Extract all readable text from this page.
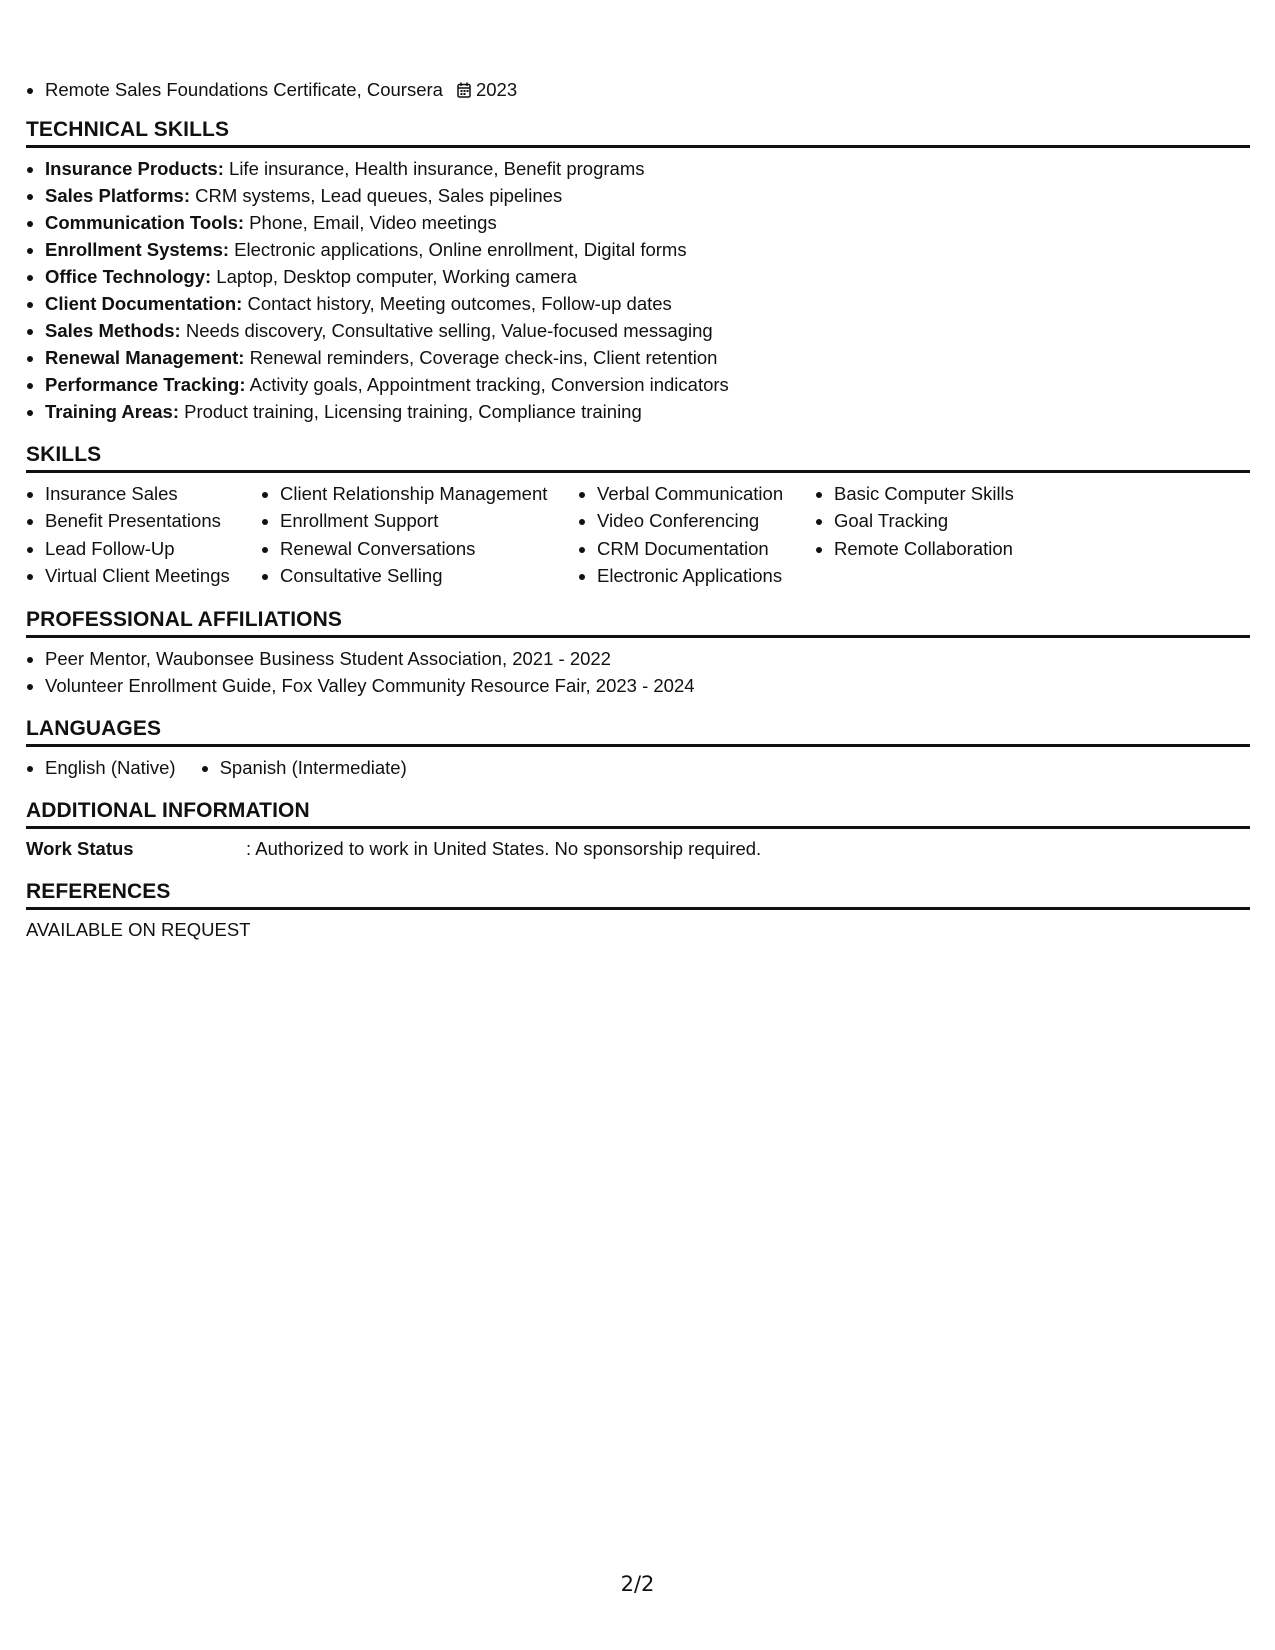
Remote Sales Foundations Certificate, Coursera 2023
TECHNICAL SKILLS
Insurance Products: Life insurance, Health insurance, Benefit programs
Sales Platforms: CRM systems, Lead queues, Sales pipelines
Communication Tools: Phone, Email, Video meetings
Enrollment Systems: Electronic applications, Online enrollment, Digital forms
Office Technology: Laptop, Desktop computer, Working camera
Client Documentation: Contact history, Meeting outcomes, Follow-up dates
Sales Methods: Needs discovery, Consultative selling, Value-focused messaging
Renewal Management: Renewal reminders, Coverage check-ins, Client retention
Performance Tracking: Activity goals, Appointment tracking, Conversion indicators
Training Areas: Product training, Licensing training, Compliance training
SKILLS
Insurance Sales
Benefit Presentations
Lead Follow-Up
Virtual Client Meetings
Client Relationship Management
Enrollment Support
Renewal Conversations
Consultative Selling
Verbal Communication
Video Conferencing
CRM Documentation
Electronic Applications
Basic Computer Skills
Goal Tracking
Remote Collaboration
PROFESSIONAL AFFILIATIONS
Peer Mentor, Waubonsee Business Student Association, 2021 - 2022
Volunteer Enrollment Guide, Fox Valley Community Resource Fair, 2023 - 2024
LANGUAGES
English (Native)	Spanish (Intermediate)
ADDITIONAL INFORMATION
Work Status	: Authorized to work in United States. No sponsorship required.
REFERENCES
AVAILABLE ON REQUEST
2/2
